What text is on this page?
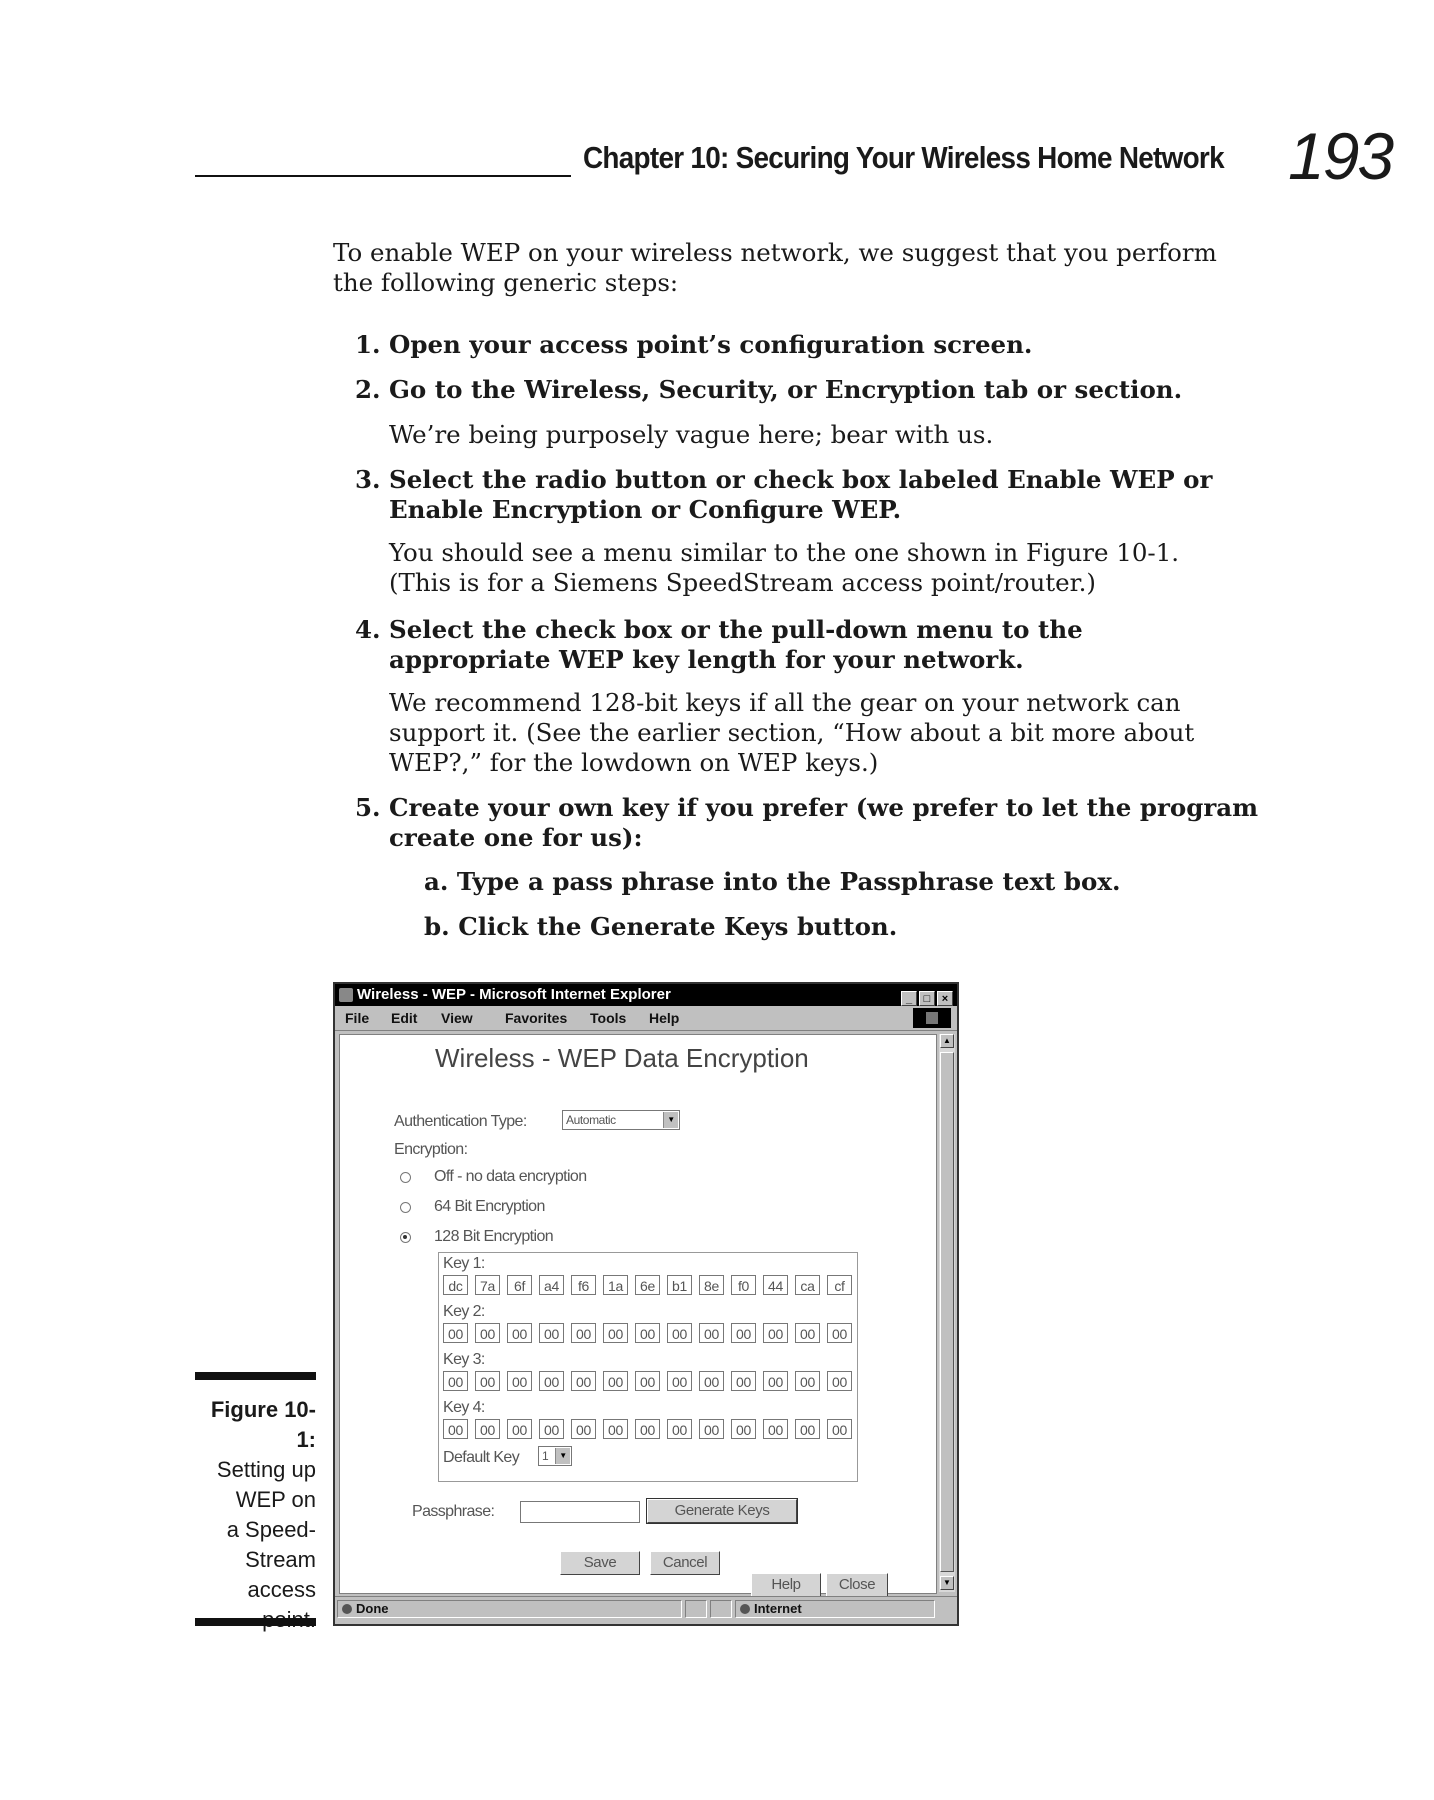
Chapter 10: Securing Your Wireless Home Network 193
To enable WEP on your wireless network, we suggest that you perform the following generic steps:
1. Open your access point’s configuration screen.
2. Go to the Wireless, Security, or Encryption tab or section.
We’re being purposely vague here; bear with us.
3. Select the radio button or check box labeled Enable WEP or Enable Encryption or Configure WEP.
You should see a menu similar to the one shown in Figure 10-1. (This is for a Siemens SpeedStream access point/router.)
4. Select the check box or the pull-down menu to the appropriate WEP key length for your network.
We recommend 128-bit keys if all the gear on your network can support it. (See the earlier section, “How about a bit more about WEP?,” for the lowdown on WEP keys.)
5. Create your own key if you prefer (we prefer to let the program create one for us):
a. Type a pass phrase into the Passphrase text box.
b. Click the Generate Keys button.
Figure 10-1:
Setting up
WEP on
a Speed-
Stream
access
Wireless - WEP - Microsoft Internet Explorer	_ □ ×
File Edit View Favorites Tools Help
Wireless - WEP Data Encryption
Authentication Type:	Automatic	▼
Encryption:
Off - no data encryption
64 Bit Encryption
128 Bit Encryption
Key 1:
dc	7a	6f	a4	f6	1a	6e	b1	8e	f0	44	ca	cf
Key 2:
00	00	00	00	00	00	00	00	00	00	00	00	00
Key 3:
00	00	00	00	00	00	00	00	00	00	00	00	00
Key 4:
00	00	00	00	00	00	00	00	00	00	00	00	00
Default Key	1	▼
Passphrase:	Generate Keys
Save	Cancel
Help	Close
▲
▼
Done	Internet
